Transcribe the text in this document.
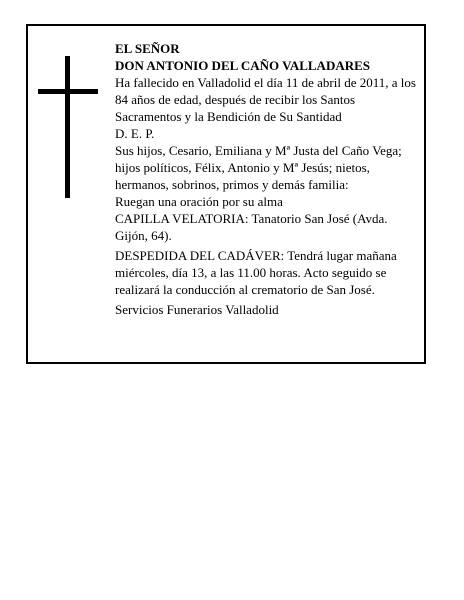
EL SEÑOR

DON ANTONIO DEL CAÑO VALLADARES

Ha fallecido en Valladolid el día 11 de abril de 2011, a los 84 años de edad, después de recibir los Santos Sacramentos y la Bendición de Su Santidad

D. E. P.

Sus hijos, Cesario, Emiliana y Mª Justa del Caño Vega; hijos políticos, Félix, Antonio y Mª Jesús; nietos, hermanos, sobrinos, primos y demás familia:

Ruegan una oración por su alma

CAPILLA VELATORIA: Tanatorio San José (Avda. Gijón, 64).

DESPEDIDA DEL CADÁVER: Tendrá lugar mañana miércoles, día 13, a las 11.00 horas. Acto seguido se realizará la conducción al crematorio de San José.

Servicios Funerarios Valladolid
